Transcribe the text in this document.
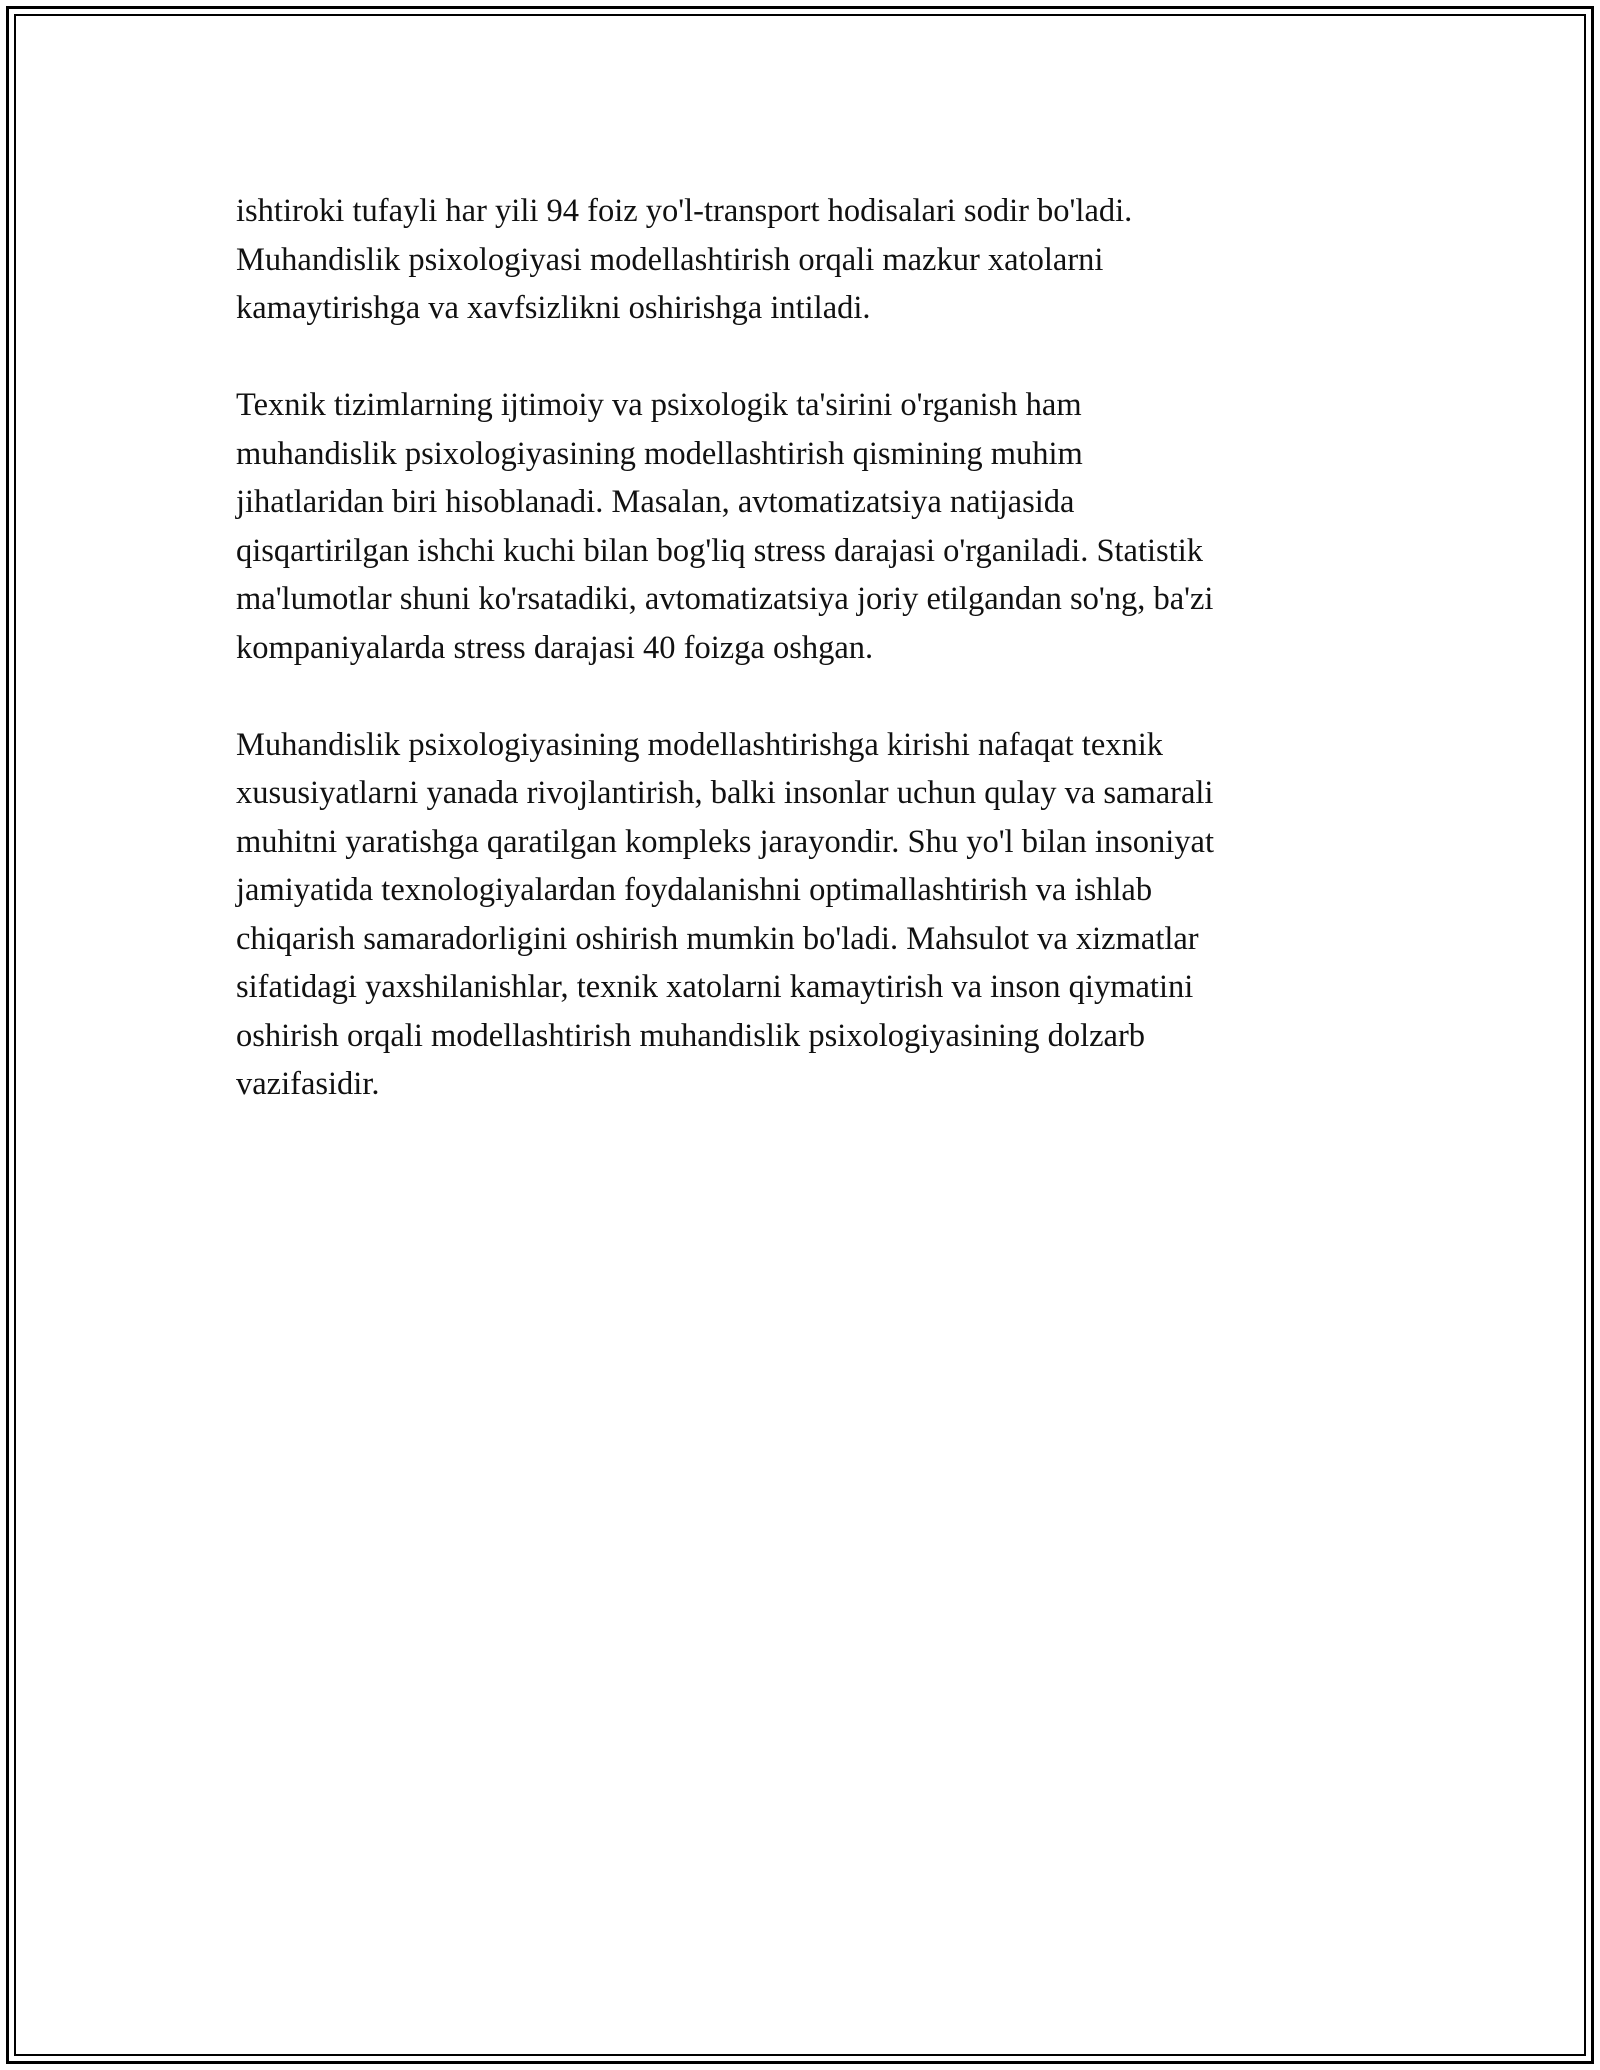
ishtiroki tufayli har yili 94 foiz yo'l-transport hodisalari sodir bo'ladi.
Muhandislik psixologiyasi modellashtirish orqali mazkur xatolarni
kamaytirishga va xavfsizlikni oshirishga intiladi.

Texnik tizimlarning ijtimoiy va psixologik ta'sirini o'rganish ham
muhandislik psixologiyasining modellashtirish qismining muhim
jihatlaridan biri hisoblanadi. Masalan, avtomatizatsiya natijasida
qisqartirilgan ishchi kuchi bilan bog'liq stress darajasi o'rganiladi. Statistik
ma'lumotlar shuni ko'rsatadiki, avtomatizatsiya joriy etilgandan so'ng, ba'zi
kompaniyalarda stress darajasi 40 foizga oshgan.

Muhandislik psixologiyasining modellashtirishga kirishi nafaqat texnik
xususiyatlarni yanada rivojlantirish, balki insonlar uchun qulay va samarali
muhitni yaratishga qaratilgan kompleks jarayondir. Shu yo'l bilan insoniyat
jamiyatida texnologiyalardan foydalanishni optimallashtirish va ishlab
chiqarish samaradorligini oshirish mumkin bo'ladi. Mahsulot va xizmatlar
sifatidagi yaxshilanishlar, texnik xatolarni kamaytirish va inson qiymatini
oshirish orqali modellashtirish muhandislik psixologiyasining dolzarb
vazifasidir.
